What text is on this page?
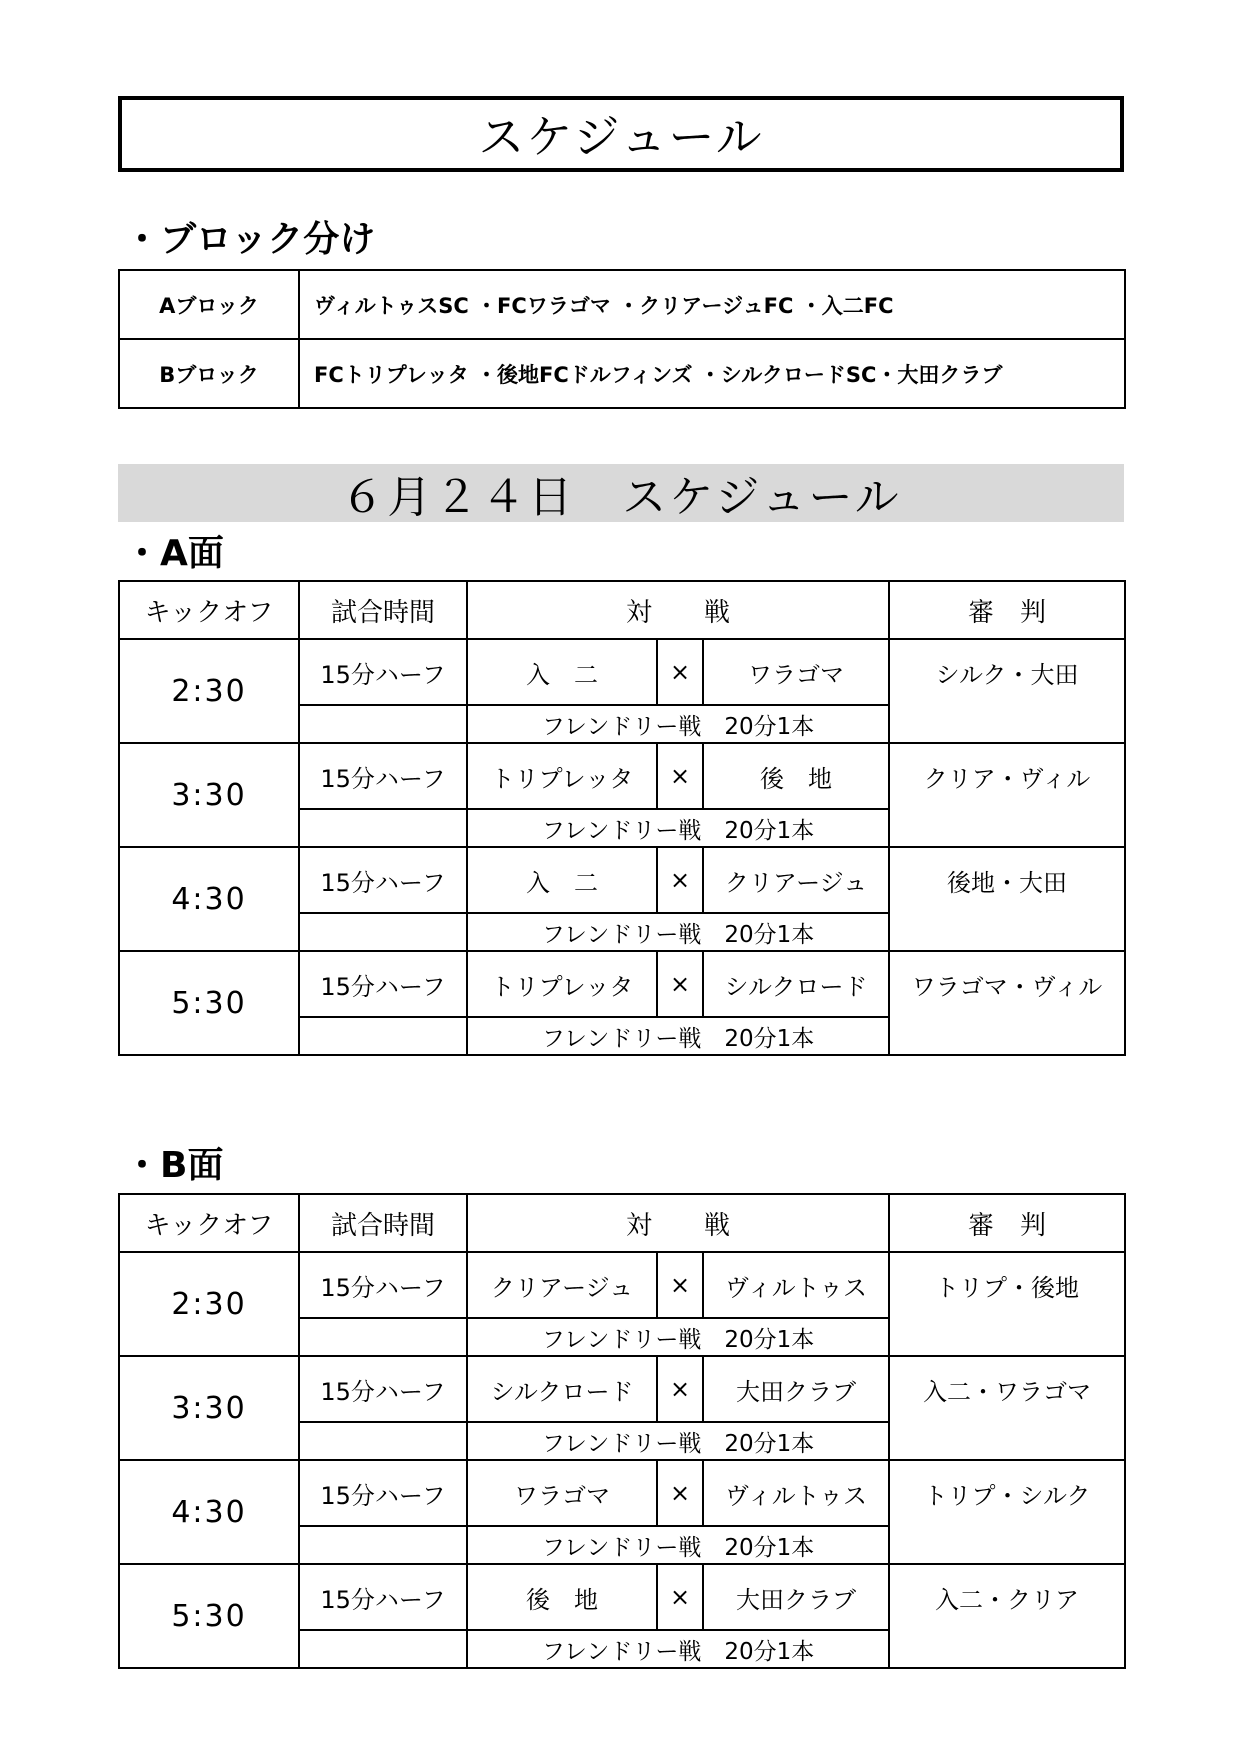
スケジュール
・ブロック分け
Aブロック	ヴィルトゥスSC ・FCワラゴマ ・クリアージュFC ・入二FC
Bブロック	FCトリプレッタ ・後地FCドルフィンズ ・シルクロードSC・大田クラブ
６月２４日　スケジュール
・A面
キックオフ	試合時間	対　　戦			審　判
2:30	15分ハーフ	入　二	×	ワラゴマ	シルク・大田
		フレンドリー戦　20分1本			
3:30	15分ハーフ	トリプレッタ	×	後　地	クリア・ヴィル
		フレンドリー戦　20分1本			
4:30	15分ハーフ	入　二	×	クリアージュ	後地・大田
		フレンドリー戦　20分1本			
5:30	15分ハーフ	トリプレッタ	×	シルクロード	ワラゴマ・ヴィル
		フレンドリー戦　20分1本			
・B面
キックオフ	試合時間	対　　戦			審　判
2:30	15分ハーフ	クリアージュ	×	ヴィルトゥス	トリプ・後地
		フレンドリー戦　20分1本			
3:30	15分ハーフ	シルクロード	×	大田クラブ	入二・ワラゴマ
		フレンドリー戦　20分1本			
4:30	15分ハーフ	ワラゴマ	×	ヴィルトゥス	トリプ・シルク
		フレンドリー戦　20分1本			
5:30	15分ハーフ	後　地	×	大田クラブ	入二・クリア
		フレンドリー戦　20分1本			
